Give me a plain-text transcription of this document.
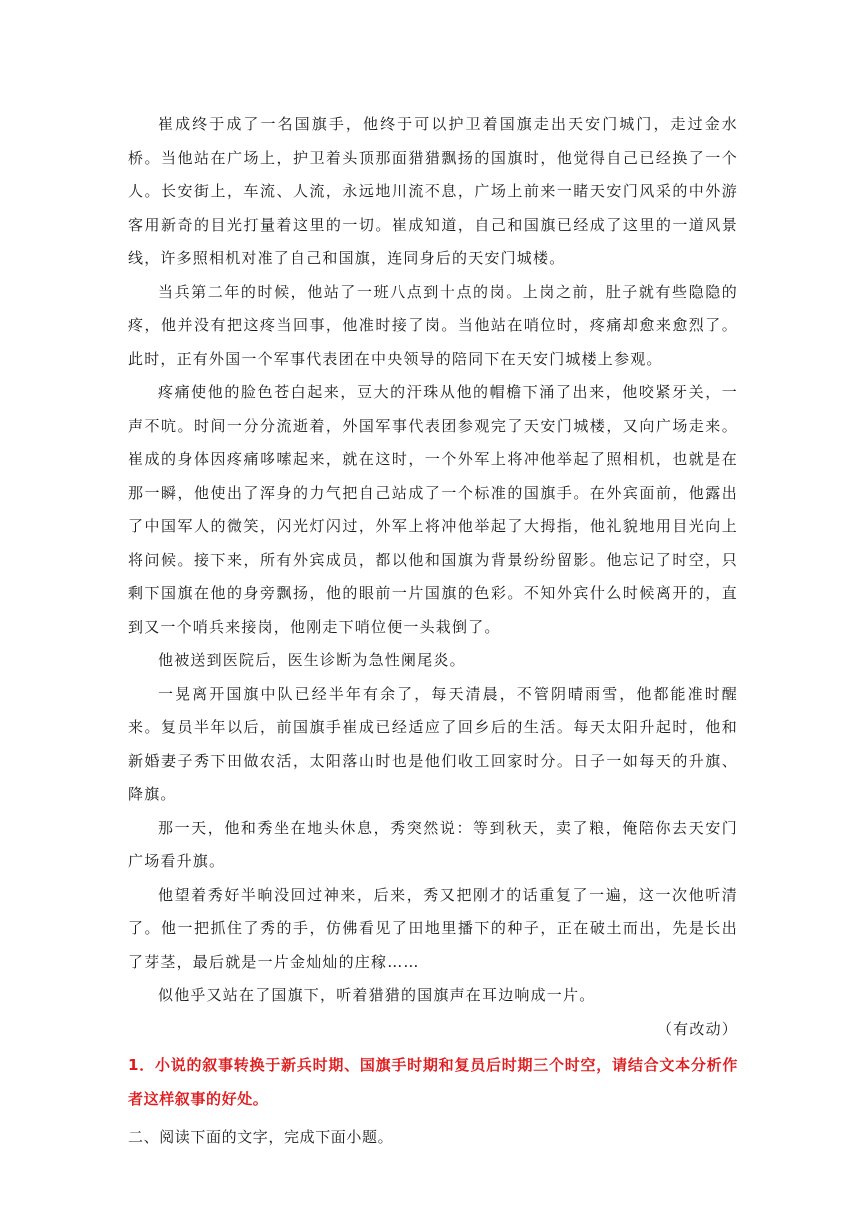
崔成终于成了一名国旗手，他终于可以护卫着国旗走出天安门城门，走过金水桥。当他站在广场上，护卫着头顶那面猎猎飘扬的国旗时，他觉得自己已经换了一个人。长安街上，车流、人流，永远地川流不息，广场上前来一睹天安门风采的中外游客用新奇的目光打量着这里的一切。崔成知道，自己和国旗已经成了这里的一道风景线，许多照相机对准了自己和国旗，连同身后的天安门城楼。

当兵第二年的时候，他站了一班八点到十点的岗。上岗之前，肚子就有些隐隐的疼，他并没有把这疼当回事，他准时接了岗。当他站在哨位时，疼痛却愈来愈烈了。此时，正有外国一个军事代表团在中央领导的陪同下在天安门城楼上参观。

疼痛使他的脸色苍白起来，豆大的汗珠从他的帽檐下涌了出来，他咬紧牙关，一声不吭。时间一分分流逝着，外国军事代表团参观完了天安门城楼，又向广场走来。崔成的身体因疼痛哆嗦起来，就在这时，一个外军上将冲他举起了照相机，也就是在那一瞬，他使出了浑身的力气把自己站成了一个标准的国旗手。在外宾面前，他露出了中国军人的微笑，闪光灯闪过，外军上将冲他举起了大拇指，他礼貌地用目光向上将问候。接下来，所有外宾成员，都以他和国旗为背景纷纷留影。他忘记了时空，只剩下国旗在他的身旁飘扬，他的眼前一片国旗的色彩。不知外宾什么时候离开的，直到又一个哨兵来接岗，他刚走下哨位便一头栽倒了。

他被送到医院后，医生诊断为急性阑尾炎。

一晃离开国旗中队已经半年有余了，每天清晨，不管阴晴雨雪，他都能准时醒来。复员半年以后，前国旗手崔成已经适应了回乡后的生活。每天太阳升起时，他和新婚妻子秀下田做农活，太阳落山时也是他们收工回家时分。日子一如每天的升旗、降旗。

那一天，他和秀坐在地头休息，秀突然说：等到秋天，卖了粮，俺陪你去天安门广场看升旗。

他望着秀好半晌没回过神来，后来，秀又把刚才的话重复了一遍，这一次他听清了。他一把抓住了秀的手，仿佛看见了田地里播下的种子，正在破土而出，先是长出了芽茎，最后就是一片金灿灿的庄稼……

似他乎又站在了国旗下，听着猎猎的国旗声在耳边响成一片。

（有改动）

1．小说的叙事转换于新兵时期、国旗手时期和复员后时期三个时空，请结合文本分析作者这样叙事的好处。

二、阅读下面的文字，完成下面小题。
